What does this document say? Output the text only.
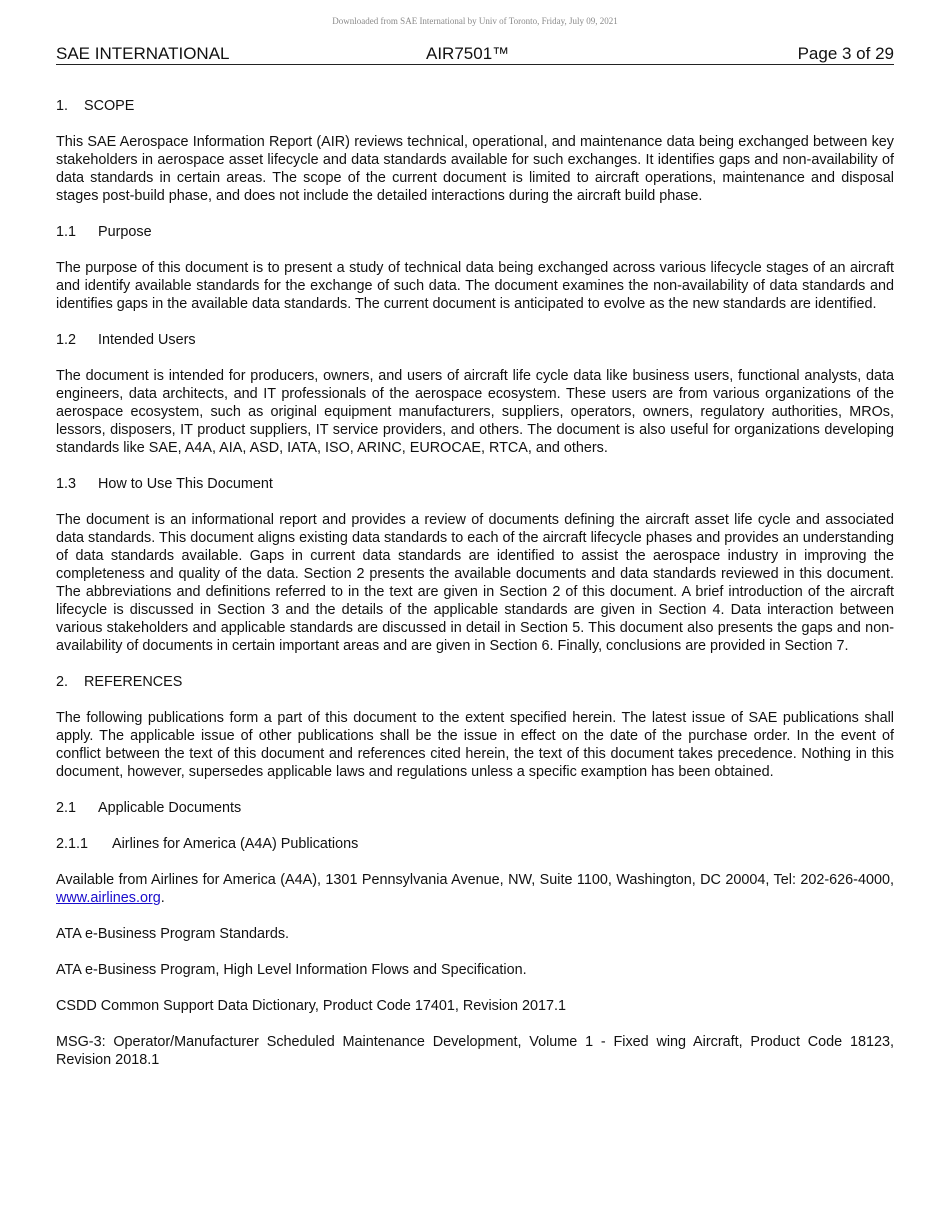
Downloaded from SAE International by Univ of Toronto, Friday, July 09, 2021
SAE INTERNATIONAL	AIR7501™	Page 3 of 29
1.	SCOPE

This SAE Aerospace Information Report (AIR) reviews technical, operational, and maintenance data being exchanged between key stakeholders in aerospace asset lifecycle and data standards available for such exchanges. It identifies gaps and non-availability of data standards in certain areas. The scope of the current document is limited to aircraft operations, maintenance and disposal stages post-build phase, and does not include the detailed interactions during the aircraft build phase.

1.1	Purpose

The purpose of this document is to present a study of technical data being exchanged across various lifecycle stages of an aircraft and identify available standards for the exchange of such data. The document examines the non-availability of data standards and identifies gaps in the available data standards. The current document is anticipated to evolve as the new standards are identified.

1.2	Intended Users

The document is intended for producers, owners, and users of aircraft life cycle data like business users, functional analysts, data engineers, data architects, and IT professionals of the aerospace ecosystem. These users are from various organizations of the aerospace ecosystem, such as original equipment manufacturers, suppliers, operators, owners, regulatory authorities, MROs, lessors, disposers, IT product suppliers, IT service providers, and others. The document is also useful for organizations developing standards like SAE, A4A, AIA, ASD, IATA, ISO, ARINC, EUROCAE, RTCA, and others.

1.3	How to Use This Document

The document is an informational report and provides a review of documents defining the aircraft asset life cycle and associated data standards. This document aligns existing data standards to each of the aircraft lifecycle phases and provides an understanding of data standards available. Gaps in current data standards are identified to assist the aerospace industry in improving the completeness and quality of the data. Section 2 presents the available documents and data standards reviewed in this document. The abbreviations and definitions referred to in the text are given in Section 2 of this document. A brief introduction of the aircraft lifecycle is discussed in Section 3 and the details of the applicable standards are given in Section 4. Data interaction between various stakeholders and applicable standards are discussed in detail in Section 5. This document also presents the gaps and non-availability of documents in certain important areas and are given in Section 6. Finally, conclusions are provided in Section 7.

2.	REFERENCES

The following publications form a part of this document to the extent specified herein. The latest issue of SAE publications shall apply. The applicable issue of other publications shall be the issue in effect on the date of the purchase order. In the event of conflict between the text of this document and references cited herein, the text of this document takes precedence. Nothing in this document, however, supersedes applicable laws and regulations unless a specific examption has been obtained.

2.1	Applicable Documents
2.1.1	Airlines for America (A4A) Publications

Available from Airlines for America (A4A), 1301 Pennsylvania Avenue, NW, Suite 1100, Washington, DC 20004, Tel: 202-626-4000, www.airlines.org.

ATA e-Business Program Standards.

ATA e-Business Program, High Level Information Flows and Specification.

CSDD Common Support Data Dictionary, Product Code 17401, Revision 2017.1

MSG-3: Operator/Manufacturer Scheduled Maintenance Development, Volume 1 - Fixed wing Aircraft, Product Code 18123, Revision 2018.1
